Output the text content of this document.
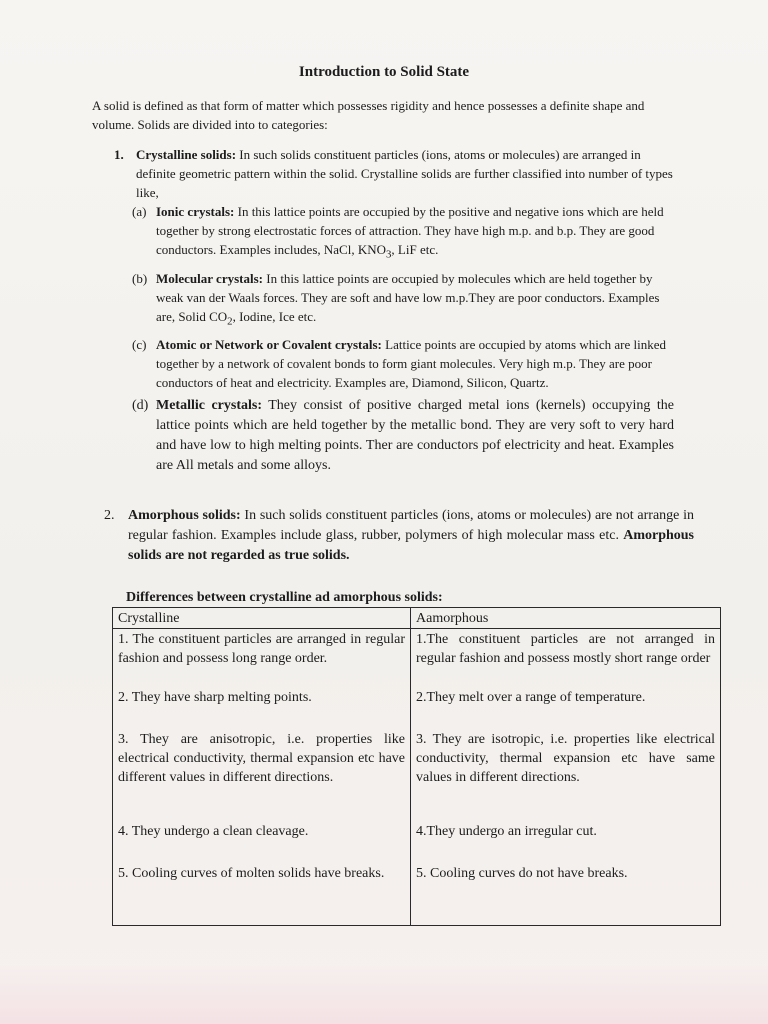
Introduction to Solid State

A solid is defined as that form of matter which possesses rigidity and hence possesses a definite shape and volume. Solids are divided into to categories:

1. Crystalline solids: In such solids constituent particles (ions, atoms or molecules) are arranged in definite geometric pattern within the solid. Crystalline solids are further classified into number of types like,
(a) Ionic crystals: In this lattice points are occupied by the positive and negative ions which are held together by strong electrostatic forces of attraction. They have high m.p. and b.p. They are good conductors. Examples includes, NaCl, $KNO_3$, LiF etc.
(b) Molecular crystals: In this lattice points are occupied by molecules which are held together by weak van der Waals forces. They are soft and have low m.p.They are poor conductors. Examples are, Solid $CO_2$, Iodine, Ice etc.
(c) Atomic or Network or Covalent crystals: Lattice points are occupied by atoms which are linked together by a network of covalent bonds to form giant molecules. Very high m.p. They are poor conductors of heat and electricity. Examples are, Diamond, Silicon, Quartz.
(d) Metallic crystals: They consist of positive charged metal ions (kernels) occupying the lattice points which are held together by the metallic bond. They are very soft to very hard and have low to high melting points. Ther are conductors pof electricity and heat. Examples are All metals and some alloys.
2. Amorphous solids: In such solids constituent particles (ions, atoms or molecules) are not arrange in regular fashion. Examples include glass, rubber, polymers of high molecular mass etc. Amorphous solids are not regarded as true solids.

Differences between crystalline ad amorphous solids:

Crystalline	Aamorphous
1. The constituent particles are arranged in regular fashion and possess long range order.	1.The constituent particles are not arranged in regular fashion and possess mostly short range order
2. They have sharp melting points.	2.They melt over a range of temperature.
3. They are anisotropic, i.e. properties like electrical conductivity, thermal expansion etc have different values in different directions.	3. They are isotropic, i.e. properties like electrical conductivity, thermal expansion etc have same values in different directions.
4. They undergo a clean cleavage.	4.They undergo an irregular cut.
5. Cooling curves of molten solids have breaks.	5. Cooling curves do not have breaks.
